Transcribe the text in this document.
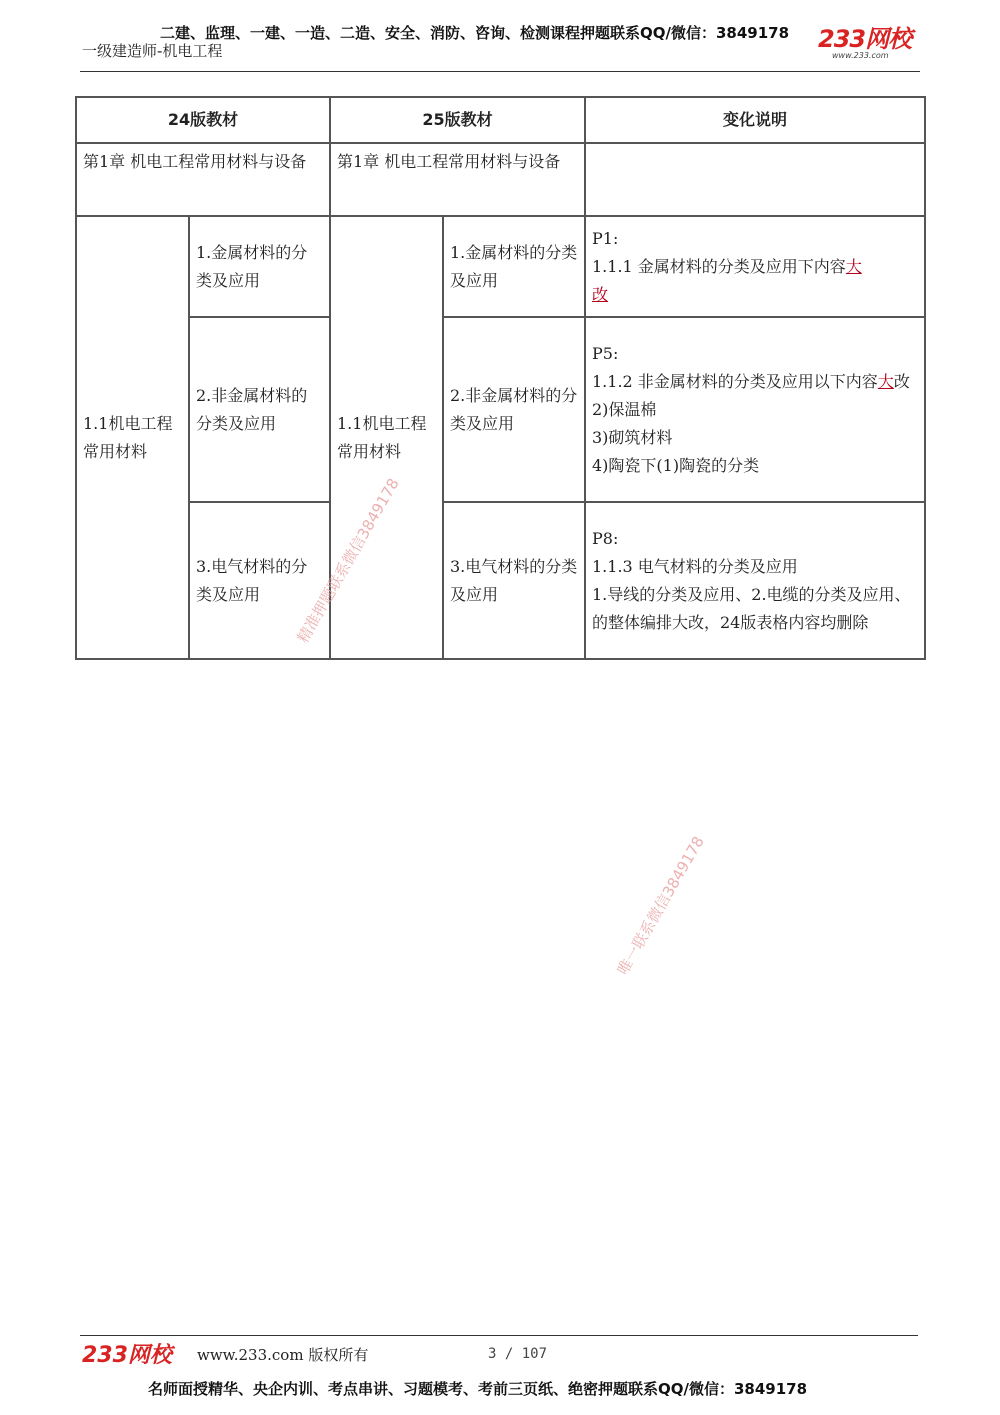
二建、监理、一建、一造、二造、安全、消防、咨询、检测课程押题联系QQ/微信：3849178
一级建造师-机电工程	233网校
www.233.com
24版教材		25版教材		变化说明
第1章 机电工程常用材料与设备		第1章 机电工程常用材料与设备		
1.1机电工程常用材料	1.金属材料的分类及应用	1.1机电工程常用材料	1.金属材料的分类及应用	P1:
1.1.1 金属材料的分类及应用下内容大
改

	2.非金属材料的分类及应用		2.非金属材料的分类及应用	P5:
1.1.2 非金属材料的分类及应用以下内容大改
2)保温棉
3)砌筑材料
4)陶瓷下(1)陶瓷的分类

	3.电气材料的分类及应用		3.电气材料的分类及应用	P8:
1.1.3 电气材料的分类及应用
1.导线的分类及应用、2.电缆的分类及应用、的整体编排大改，24版表格内容均删除
精准押题联系微信3849178
唯一联系微信3849178
233网校 www.233.com 版权所有	3 / 107
名师面授精华、央企内训、考点串讲、习题模考、考前三页纸、绝密押题联系QQ/微信：3849178
